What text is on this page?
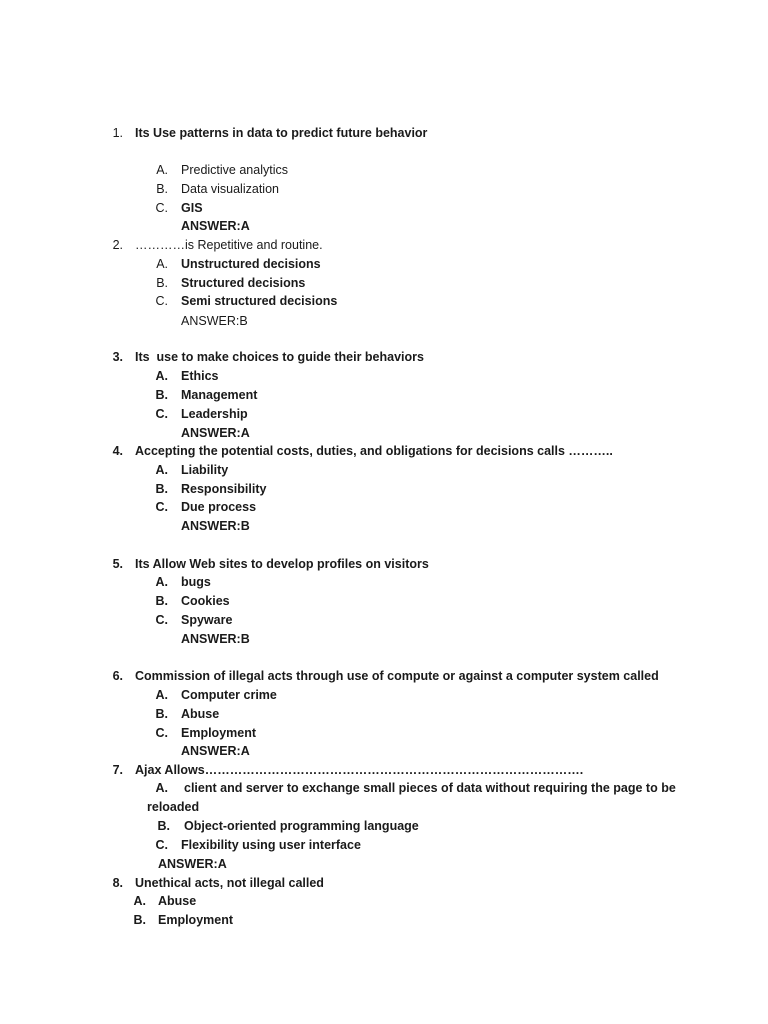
1. Its Use patterns in data to predict future behavior
A. Predictive analytics
B. Data visualization
C. GIS
ANSWER:A
2. …………is Repetitive and routine.
A. Unstructured decisions
B. Structured decisions
C. Semi structured decisions
ANSWER:B
3. Its  use to make choices to guide their behaviors
A. Ethics
B. Management
C. Leadership
ANSWER:A
4. Accepting the potential costs, duties, and obligations for decisions calls ………..
A. Liability
B. Responsibility
C. Due process
ANSWER:B
5. Its Allow Web sites to develop profiles on visitors
A. bugs
B. Cookies
C. Spyware
ANSWER:B
6. Commission of illegal acts through use of compute or against a computer system called
A. Computer crime
B. Abuse
C. Employment
ANSWER:A
7. Ajax Allows……………………………………………………………………………….
A. client and server to exchange small pieces of data without requiring the page to be
reloaded
B. Object-oriented programming language
C. Flexibility using user interface
ANSWER:A
8. Unethical acts, not illegal called
A. Abuse
B. Employment
